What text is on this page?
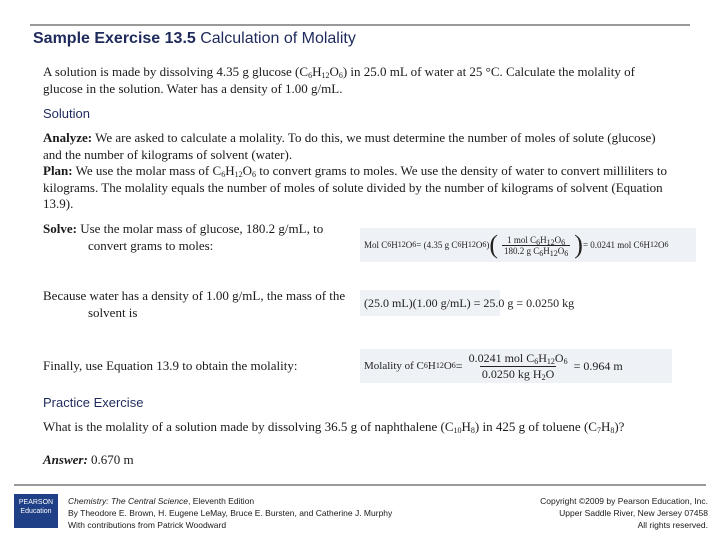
Sample Exercise 13.5 Calculation of Molality
A solution is made by dissolving 4.35 g glucose $(C_6H_{12}O_6)$ in 25.0 mL of water at 25 °C. Calculate the molality of glucose in the solution. Water has a density of 1.00 g/mL.
Solution
Analyze: We are asked to calculate a molality. To do this, we must determine the number of moles of solute (glucose) and the number of kilograms of solvent (water).
Plan: We use the molar mass of $C_6H_{12}O_6$ to convert grams to moles. We use the density of water to convert milliliters to kilograms. The molality equals the number of moles of solute divided by the number of kilograms of solvent (Equation 13.9).
Solve: Use the molar mass of glucose, 180.2 g/mL, to convert grams to moles:	Mol C 6 H 12 O 6 = (4.35 g C 6 H 12 O 6 ) ( $\frac{1 mol C_6H_{12}O_6}{180.2 g C_6H_{12}O_6}$ ) = 0.0241 mol C 6 H 12 O 6
Because water has a density of 1.00 g/mL, the mass of the solvent is
(25.0 mL)(1.00 g/mL) = 25.0 g = 0.0250 kg
Finally, use Equation 13.9 to obtain the molality:	Molality of C 6 H 12 O $6 = \frac{0.0241 mol C_6H_{12}O_6}{0.0250 kg H_2O} = 0.964$ m
Practice Exercise
What is the molality of a solution made by dissolving 36.5 g of naphthalene $(C_{10}H_8)$ in 425 g of toluene $(C_7H_8)$?
Answer: 0.670 m
PEARSON
Education
Chemistry: The Central Science, Eleventh Edition
By Theodore E. Brown, H. Eugene LeMay, Bruce E. Bursten, and Catherine J. Murphy
With contributions from Patrick Woodward
Copyright ©2009 by Pearson Education, Inc.
Upper Saddle River, New Jersey 07458
All rights reserved.
